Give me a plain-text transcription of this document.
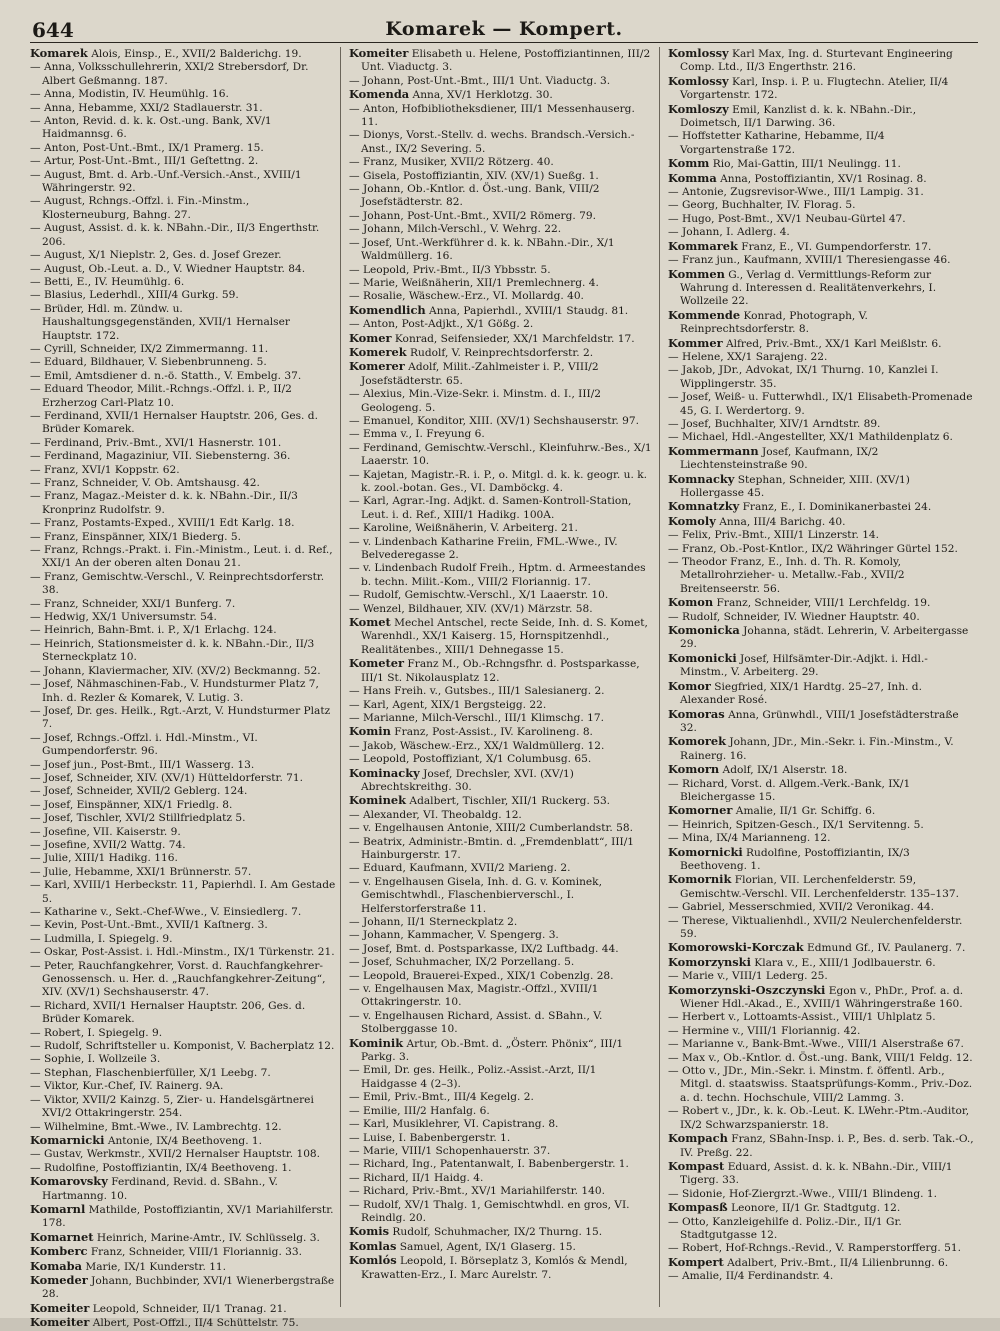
644	Komarek — Kompert.
Komarek Alois, Einsp., E., XVII/2 Balderichg. 19.
— Anna, Volksschullehrerin, XXI/2 Strebersdorf, Dr. Albert Geßmanng. 187.
— Anna, Modistin, IV. Heumühlg. 16.
— Anna, Hebamme, XXI/2 Stadlauerstr. 31.
— Anton, Revid. d. k. k. Ost.-ung. Bank, XV/1 Haidmannsg. 6.
— Anton, Post-Unt.-Bmt., IX/1 Pramerg. 15.
— Artur, Post-Unt.-Bmt., III/1 Geſtettng. 2.
— August, Bmt. d. Arb.-Unf.-Versich.-Anst., XVIII/1 Währingerstr. 92.
— August, Rchngs.-Offzl. i. Fin.-Minstm., Klosterneuburg, Bahng. 27.
— August, Assist. d. k. k. NBahn.-Dir., II/3 Engerthstr. 206.
— August, X/1 Nieplstr. 2, Ges. d. Josef Grezer.
— August, Ob.-Leut. a. D., V. Wiedner Hauptstr. 84.
— Betti, E., IV. Heumühlg. 6.
— Blasius, Lederhdl., XIII/4 Gurkg. 59.
— Brüder, Hdl. m. Zündw. u. Haushaltungsgegenständen, XVII/1 Hernalser Hauptstr. 172.
— Cyrill, Schneider, IX/2 Zimmermanng. 11.
— Eduard, Bildhauer, V. Siebenbrunneng. 5.
— Emil, Amtsdiener d. n.-ö. Statth., V. Embelg. 37.
— Eduard Theodor, Milit.-Rchngs.-Offzl. i. P., II/2 Erzherzog Carl-Platz 10.
— Ferdinand, XVII/1 Hernalser Hauptstr. 206, Ges. d. Brüder Komarek.
— Ferdinand, Priv.-Bmt., XVI/1 Hasnerstr. 101.
— Ferdinand, Magaziniur, VII. Siebensterng. 36.
— Franz, XVI/1 Koppstr. 62.
— Franz, Schneider, V. Ob. Amtshausg. 42.
— Franz, Magaz.-Meister d. k. k. NBahn.-Dir., II/3 Kronprinz Rudolfstr. 9.
— Franz, Postamts-Exped., XVIII/1 Edt Karlg. 18.
— Franz, Einspänner, XIX/1 Biederg. 5.
— Franz, Rchngs.-Prakt. i. Fin.-Ministm., Leut. i. d. Ref., XXI/1 An der oberen alten Donau 21.
— Franz, Gemischtw.-Verschl., V. Reinprechtsdorferstr. 38.
— Franz, Schneider, XXI/1 Bunferg. 7.
— Hedwig, XX/1 Universumstr. 54.
— Heinrich, Bahn-Bmt. i. P., X/1 Erlachg. 124.
— Heinrich, Stationsmeister d. k. k. NBahn.-Dir., II/3 Sterneckplatz 10.
— Johann, Klaviermacher, XIV. (XV/2) Beckmanng. 52.
— Josef, Nähmaschinen-Fab., V. Hundsturmer Platz 7, Inh. d. Rezler & Komarek, V. Lutig. 3.
— Josef, Dr. ges. Heilk., Rgt.-Arzt, V. Hundsturmer Platz 7.
— Josef, Rchngs.-Offzl. i. Hdl.-Minstm., VI. Gumpendorferstr. 96.
— Josef jun., Post-Bmt., III/1 Wasserg. 13.
— Josef, Schneider, XIV. (XV/1) Hütteldorferstr. 71.
— Josef, Schneider, XVII/2 Geblerg. 124.
— Josef, Einspänner, XIX/1 Friedlg. 8.
— Josef, Tischler, XVI/2 Stillfriedplatz 5.
— Josefine, VII. Kaiserstr. 9.
— Josefine, XVII/2 Wattg. 74.
— Julie, XIII/1 Hadikg. 116.
— Julie, Hebamme, XXI/1 Brünnerstr. 57.
— Karl, XVIII/1 Herbeckstr. 11, Papierhdl. I. Am Gestade 5.
— Katharine v., Sekt.-Chef-Wwe., V. Einsiedlerg. 7.
— Kevin, Post-Unt.-Bmt., XVII/1 Kaſtnerg. 3.
— Ludmilla, I. Spiegelg. 9.
— Oskar, Post-Assist. i. Hdl.-Minstm., IX/1 Türkenstr. 21.
— Peter, Rauchfangkehrer, Vorst. d. Rauchfangkehrer-Genossensch. u. Her. d. „Rauchfangkehrer-Zeitung“, XIV. (XV/1) Sechshauserstr. 47.
— Richard, XVII/1 Hernalser Hauptstr. 206, Ges. d. Brüder Komarek.
— Robert, I. Spiegelg. 9.
— Rudolf, Schriftsteller u. Komponist, V. Bacherplatz 12.
— Sophie, I. Wollzeile 3.
— Stephan, Flaschenbierfüller, X/1 Leebg. 7.
— Viktor, Kur.-Chef, IV. Rainerg. 9A.
— Viktor, XVII/2 Kainzg. 5, Zier- u. Handelsgärtnerei XVI/2 Ottakringerstr. 254.
— Wilhelmine, Bmt.-Wwe., IV. Lambrechtg. 12.
Komarnicki Antonie, IX/4 Beethoveng. 1.
— Gustav, Werkmstr., XVII/2 Hernalser Hauptstr. 108.
— Rudolfine, Postoffiziantin, IX/4 Beethoveng. 1.
Komarovsky Ferdinand, Revid. d. SBahn., V. Hartmanng. 10.
Komarnl Mathilde, Postoffiziantin, XV/1 Mariahilferstr. 178.
Komarnet Heinrich, Marine-Amtr., IV. Schlüsselg. 3.
Komberc Franz, Schneider, VIII/1 Floriannig. 33.
Komaba Marie, IX/1 Kunderstr. 11.
Komeder Johann, Buchbinder, XVI/1 Wienerbergstraße 28.
Komeiter Leopold, Schneider, II/1 Tranag. 21.
Komeiter Albert, Post-Offzl., II/4 Schüttelstr. 75.
Komeiter Elisabeth u. Helene, Postoffiziantinnen, III/2 Unt. Viaductg. 3.
— Johann, Post-Unt.-Bmt., III/1 Unt. Viaductg. 3.
Komenda Anna, XV/1 Herklotzg. 30.
— Anton, Hofbibliotheksdiener, III/1 Messenhauserg. 11.
— Dionys, Vorst.-Stellv. d. wechs. Brandsch.-Versich.-Anst., IX/2 Severing. 5.
— Franz, Musiker, XVII/2 Rötzerg. 40.
— Gisela, Postoffiziantin, XIV. (XV/1) Sueßg. 1.
— Johann, Ob.-Kntlor. d. Öst.-ung. Bank, VIII/2 Josefstädterstr. 82.
— Johann, Post-Unt.-Bmt., XVII/2 Römerg. 79.
— Johann, Milch-Verschl., V. Wehrg. 22.
— Josef, Unt.-Werkführer d. k. k. NBahn.-Dir., X/1 Waldmüllerg. 16.
— Leopold, Priv.-Bmt., II/3 Ybbsstr. 5.
— Marie, Weißnäherin, XII/1 Premlechnerg. 4.
— Rosalie, Wäschew.-Erz., VI. Mollardg. 40.
Komendlich Anna, Papierhdl., XVIII/1 Staudg. 81.
— Anton, Post-Adjkt., X/1 Gößg. 2.
Komer Konrad, Seifensieder, XX/1 Marchfeldstr. 17.
Komerek Rudolf, V. Reinprechtsdorferstr. 2.
Komerer Adolf, Milit.-Zahlmeister i. P., VIII/2 Josefstädterstr. 65.
— Alexius, Min.-Vize-Sekr. i. Minstm. d. I., III/2 Geologeng. 5.
— Emanuel, Konditor, XIII. (XV/1) Sechshauserstr. 97.
— Emma v., I. Freyung 6.
— Ferdinand, Gemischtw.-Verschl., Kleinfuhrw.-Bes., X/1 Laaerstr. 10.
— Kajetan, Magistr.-R. i. P., o. Mitgl. d. k. k. geogr. u. k. k. zool.-botan. Ges., VI. Damböckg. 4.
— Karl, Agrar.-Ing. Adjkt. d. Samen-Kontroll-Station, Leut. i. d. Ref., XIII/1 Hadikg. 100A.
— Karoline, Weißnäherin, V. Arbeiterg. 21.
— v. Lindenbach Katharine Freiin, FML.-Wwe., IV. Belvederegasse 2.
— v. Lindenbach Rudolf Freih., Hptm. d. Armeestandes b. techn. Milit.-Kom., VIII/2 Floriannig. 17.
— Rudolf, Gemischtw.-Verschl., X/1 Laaerstr. 10.
— Wenzel, Bildhauer, XIV. (XV/1) Märzstr. 58.
Komet Mechel Antschel, recte Seide, Inh. d. S. Komet, Warenhdl., XX/1 Kaiserg. 15, Hornspitzenhdl., Realitätenbes., XIII/1 Dehnegasse 15.
Kometer Franz M., Ob.-Rchngsfhr. d. Postsparkasse, III/1 St. Nikolausplatz 12.
— Hans Freih. v., Gutsbes., III/1 Salesianerg. 2.
— Karl, Agent, XIX/1 Bergsteigg. 22.
— Marianne, Milch-Verschl., III/1 Klimschg. 17.
Komin Franz, Post-Assist., IV. Karolineng. 8.
— Jakob, Wäschew.-Erz., XX/1 Waldmüllerg. 12.
— Leopold, Postoffiziant, X/1 Columbusg. 65.
Kominacky Josef, Drechsler, XVI. (XV/1) Abrechtskreithg. 30.
Kominek Adalbert, Tischler, XII/1 Ruckerg. 53.
— Alexander, VI. Theobaldg. 12.
— v. Engelhausen Antonie, XIII/2 Cumberlandstr. 58.
— Beatrix, Administr.-Bmtin. d. „Fremdenblatt“, III/1 Hainburgerstr. 17.
— Eduard, Kaufmann, XVII/2 Marieng. 2.
— v. Engelhausen Gisela, Inh. d. G. v. Kominek, Gemischtwhdl., Flaschenbierverschl., I. Helferstorferstraße 11.
— Johann, II/1 Sterneckplatz 2.
— Johann, Kammacher, V. Spengerg. 3.
— Josef, Bmt. d. Postsparkasse, IX/2 Luftbadg. 44.
— Josef, Schuhmacher, IX/2 Porzellang. 5.
— Leopold, Brauerei-Exped., XIX/1 Cobenzlg. 28.
— v. Engelhausen Max, Magistr.-Offzl., XVIII/1 Ottakringerstr. 10.
— v. Engelhausen Richard, Assist. d. SBahn., V. Stolberggasse 10.
Kominik Artur, Ob.-Bmt. d. „Österr. Phönix“, III/1 Parkg. 3.
— Emil, Dr. ges. Heilk., Poliz.-Assist.-Arzt, II/1 Haidgasse 4 (2–3).
— Emil, Priv.-Bmt., III/4 Kegelg. 2.
— Emilie, III/2 Hanfalg. 6.
— Karl, Musiklehrer, VI. Capistrang. 8.
— Luise, I. Babenbergerstr. 1.
— Marie, VIII/1 Schopenhauerstr. 37.
— Richard, Ing., Patentanwalt, I. Babenbergerstr. 1.
— Richard, II/1 Haidg. 4.
— Richard, Priv.-Bmt., XV/1 Mariahilferstr. 140.
— Rudolf, XV/1 Thalg. 1, Gemischtwhdl. en gros, VI. Reindlg. 20.
Komis Rudolf, Schuhmacher, IX/2 Thurng. 15.
Komlas Samuel, Agent, IX/1 Glaserg. 15.
Komlós Leopold, I. Börseplatz 3, Komlós & Mendl, Krawatten-Erz., I. Marc Aurelstr. 7.
Komlossy Karl Max, Ing. d. Sturtevant Engineering Comp. Ltd., II/3 Engerthstr. 216.
Komlossy Karl, Insp. i. P. u. Flugtechn. Atelier, II/4 Vorgartenstr. 172.
Komloszy Emil, Kanzlist d. k. k. NBahn.-Dir., Doimetsch, II/1 Darwing. 36.
— Hoffstetter Katharine, Hebamme, II/4 Vorgartenstraße 172.
Komm Rio, Mai-Gattin, III/1 Neulingg. 11.
Komma Anna, Postoffiziantin, XV/1 Rosinag. 8.
— Antonie, Zugsrevisor-Wwe., III/1 Lampig. 31.
— Georg, Buchhalter, IV. Florag. 5.
— Hugo, Post-Bmt., XV/1 Neubau-Gürtel 47.
— Johann, I. Adlerg. 4.
Kommarek Franz, E., VI. Gumpendorferstr. 17.
— Franz jun., Kaufmann, XVIII/1 Theresiengasse 46.
Kommen G., Verlag d. Vermittlungs-Reform zur Wahrung d. Interessen d. Realitätenverkehrs, I. Wollzeile 22.
Kommende Konrad, Photograph, V. Reinprechtsdorferstr. 8.
Kommer Alfred, Priv.-Bmt., XX/1 Karl Meißlstr. 6.
— Helene, XX/1 Sarajeng. 22.
— Jakob, JDr., Advokat, IX/1 Thurng. 10, Kanzlei I. Wipplingerstr. 35.
— Josef, Weiß- u. Futterwhdl., IX/1 Elisabeth-Promenade 45, G. I. Werdertorg. 9.
— Josef, Buchhalter, XIV/1 Arndtstr. 89.
— Michael, Hdl.-Angestellter, XX/1 Mathildenplatz 6.
Kommermann Josef, Kaufmann, IX/2 Liechtensteinstraße 90.
Komnacky Stephan, Schneider, XIII. (XV/1) Hollergasse 45.
Komnatzky Franz, E., I. Dominikanerbastei 24.
Komoly Anna, III/4 Barichg. 40.
— Felix, Priv.-Bmt., XIII/1 Linzerstr. 14.
— Franz, Ob.-Post-Kntlor., IX/2 Währinger Gürtel 152.
— Theodor Franz, E., Inh. d. Th. R. Komoly, Metallrohrzieher- u. Metallw.-Fab., XVII/2 Breitenseerstr. 56.
Komon Franz, Schneider, VIII/1 Lerchfeldg. 19.
— Rudolf, Schneider, IV. Wiedner Hauptstr. 40.
Komonicka Johanna, städt. Lehrerin, V. Arbeitergasse 29.
Komonicki Josef, Hilfsämter-Dir.-Adjkt. i. Hdl.-Minstm., V. Arbeiterg. 29.
Komor Siegfried, XIX/1 Hardtg. 25–27, Inh. d. Alexander Rosé.
Komoras Anna, Grünwhdl., VIII/1 Josefstädterstraße 32.
Komorek Johann, JDr., Min.-Sekr. i. Fin.-Minstm., V. Rainerg. 16.
Komorn Adolf, IX/1 Alserstr. 18.
— Richard, Vorst. d. Allgem.-Verk.-Bank, IX/1 Bleichergasse 15.
Komorner Amalie, II/1 Gr. Schiffg. 6.
— Heinrich, Spitzen-Gesch., IX/1 Servitenng. 5.
— Mina, IX/4 Marianneng. 12.
Komornicki Rudolfine, Postoffiziantin, IX/3 Beethoveng. 1.
Komornik Florian, VII. Lerchenfelderstr. 59, Gemischtw.-Verschl. VII. Lerchenfelderstr. 135–137.
— Gabriel, Messerschmied, XVII/2 Veronikag. 44.
— Therese, Viktualienhdl., XVII/2 Neulerchenfelderstr. 59.
Komorowski-Korczak Edmund Gf., IV. Paulanerg. 7.
Komorzynski Klara v., E., XIII/1 Jodlbauerstr. 6.
— Marie v., VIII/1 Lederg. 25.
Komorzynski-Oszczynski Egon v., PhDr., Prof. a. d. Wiener Hdl.-Akad., E., XVIII/1 Währingerstraße 160.
— Herbert v., Lottoamts-Assist., VIII/1 Uhlplatz 5.
— Hermine v., VIII/1 Floriannig. 42.
— Marianne v., Bank-Bmt.-Wwe., VIII/1 Alserstraße 67.
— Max v., Ob.-Kntlor. d. Öst.-ung. Bank, VIII/1 Feldg. 12.
— Otto v., JDr., Min.-Sekr. i. Minstm. f. öffentl. Arb., Mitgl. d. staatswiss. Staatsprüfungs-Komm., Priv.-Doz. a. d. techn. Hochschule, VIII/2 Lammg. 3.
— Robert v., JDr., k. k. Ob.-Leut. K. LWehr.-Ptm.-Auditor, IX/2 Schwarzspanierstr. 18.
Kompach Franz, SBahn-Insp. i. P., Bes. d. serb. Tak.-O., IV. Preßg. 22.
Kompast Eduard, Assist. d. k. k. NBahn.-Dir., VIII/1 Tigerg. 33.
— Sidonie, Hof-Ziergrzt.-Wwe., VIII/1 Blindeng. 1.
Kompasß Leonore, II/1 Gr. Stadtgutg. 12.
— Otto, Kanzleigehilfe d. Poliz.-Dir., II/1 Gr. Stadtgutgasse 12.
— Robert, Hof-Rchngs.-Revid., V. Ramperstorfferg. 51.
Kompert Adalbert, Priv.-Bmt., II/4 Lilienbrunng. 6.
— Amalie, II/4 Ferdinandstr. 4.
